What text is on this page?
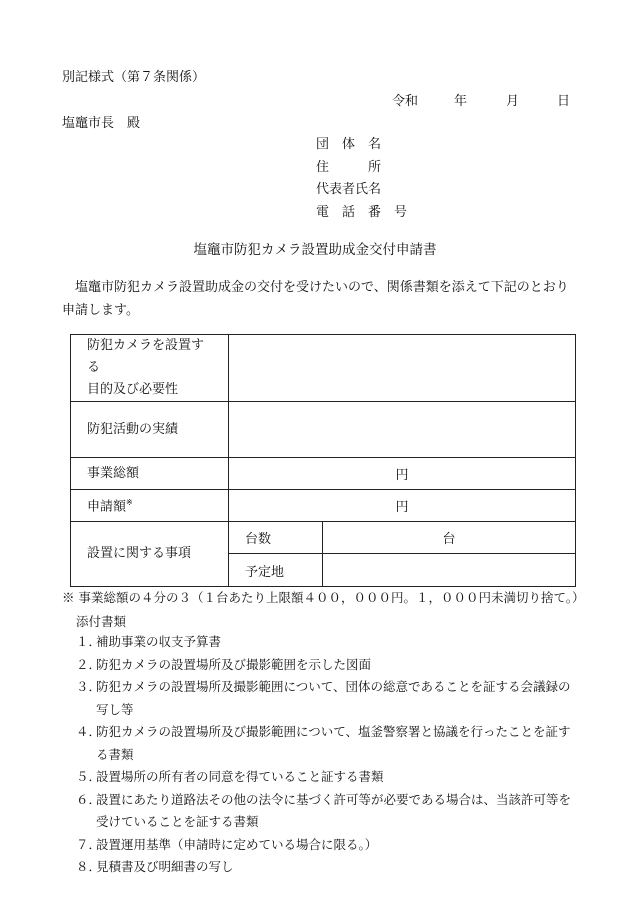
別記様式（第７条関係）
令和	年	月	日
塩竈市長　殿
団　体　名
住　　　所
代表者氏名
電　話　番　号
塩竈市防犯カメラ設置助成金交付申請書

塩竈市防犯カメラ設置助成金の交付を受けたいので、関係書類を添えて下記のとおり申請します。

防犯カメラを設置する
目的及び必要性		

防犯活動の実績		
事業総額	円	
申請額※	円	
設置に関する事項	台数	台
	予定地	
※ 事業総額の４分の３（１台あたり上限額４００，０００円。１，０００円未満切り捨て。）
添付書類
１．
補助事業の収支予算書
２．
防犯カメラの設置場所及び撮影範囲を示した図面
３．
防犯カメラの設置場所及撮影範囲について、団体の総意であることを証する会議録の写し等
４．
防犯カメラの設置場所及び撮影範囲について、塩釜警察署と協議を行ったことを証する書類
５．
設置場所の所有者の同意を得ていること証する書類
６．
設置にあたり道路法その他の法令に基づく許可等が必要である場合は、当該許可等を受けていることを証する書類
７．
設置運用基準（申請時に定めている場合に限る。）
８．
見積書及び明細書の写し
